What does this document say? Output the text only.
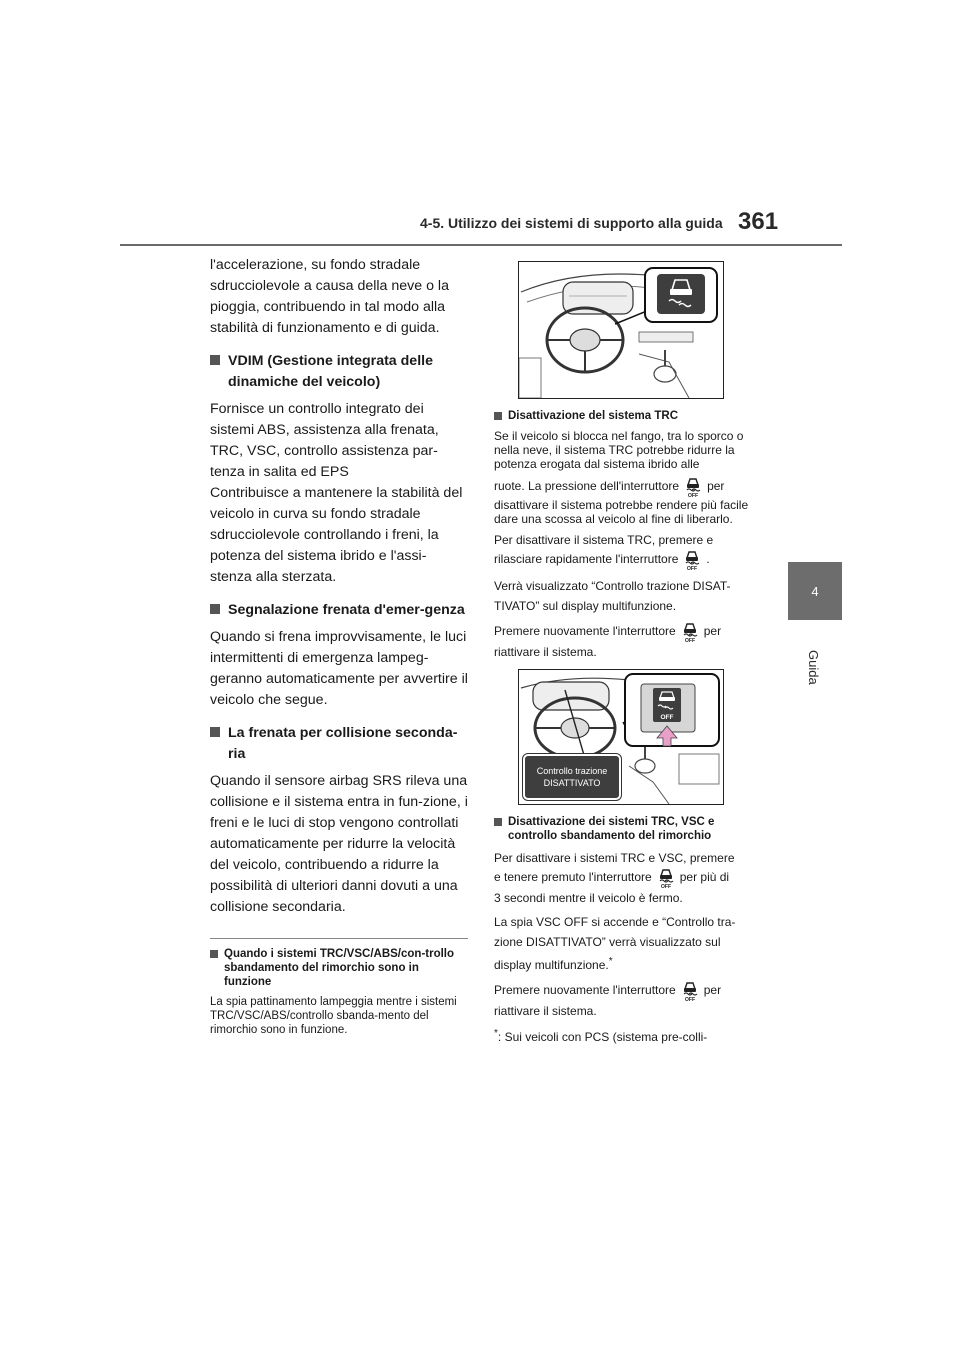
4-5. Utilizzo dei sistemi di supporto alla guida 361
4
Guida

l'accelerazione, su fondo stradale sdrucciolevole a causa della neve o la pioggia, contribuendo in tal modo alla stabilità di funzionamento e di guida.

VDIM (Gestione integrata delle dinamiche del veicolo)

Fornisce un controllo integrato dei sistemi ABS, assistenza alla frenata, TRC, VSC, controllo assistenza par-tenza in salita ed EPS

Contribuisce a mantenere la stabilità del veicolo in curva su fondo stradale sdrucciolevole controllando i freni, la potenza del sistema ibrido e l'assi-stenza alla sterzata.

Segnalazione frenata d'emer-genza

Quando si frena improvvisamente, le luci intermittenti di emergenza lampeg-geranno automaticamente per avvertire il veicolo che segue.

La frenata per collisione seconda-ria

Quando il sensore airbag SRS rileva una collisione e il sistema entra in fun-zione, i freni e le luci di stop vengono controllati automaticamente per ridurre la velocità del veicolo, contribuendo a ridurre la possibilità di ulteriori danni dovuti a una collisione secondaria.

Quando i sistemi TRC/VSC/ABS/con-trollo sbandamento del rimorchio sono in funzione

La spia pattinamento lampeggia mentre i sistemi TRC/VSC/ABS/controllo sbanda-mento del rimorchio sono in funzione.

Disattivazione del sistema TRC

Se il veicolo si blocca nel fango, tra lo sporco o nella neve, il sistema TRC potrebbe ridurre la potenza erogata dal sistema ibrido alle

ruote. La pressione dell'interruttore per

disattivare il sistema potrebbe rendere più facile dare una scossa al veicolo al fine di liberarlo.

Per disattivare il sistema TRC, premere e

rilasciare rapidamente l'interruttore .

Verrà visualizzato “Controllo trazione DISAT-TIVATO” sul display multifunzione.

Premere nuovamente l'interruttore per

riattivare il sistema.

OFF
Controllo trazione
DISATTIVATO
Disattivazione dei sistemi TRC, VSC e controllo sbandamento del rimorchio

Per disattivare i sistemi TRC e VSC, premere

e tenere premuto l'interruttore per più di

3 secondi mentre il veicolo è fermo.

La spia VSC OFF si accende e “Controllo tra-zione DISATTIVATO” verrà visualizzato sul display multifunzione.*

Premere nuovamente l'interruttore per

riattivare il sistema.

*: Sui veicoli con PCS (sistema pre-colli-
